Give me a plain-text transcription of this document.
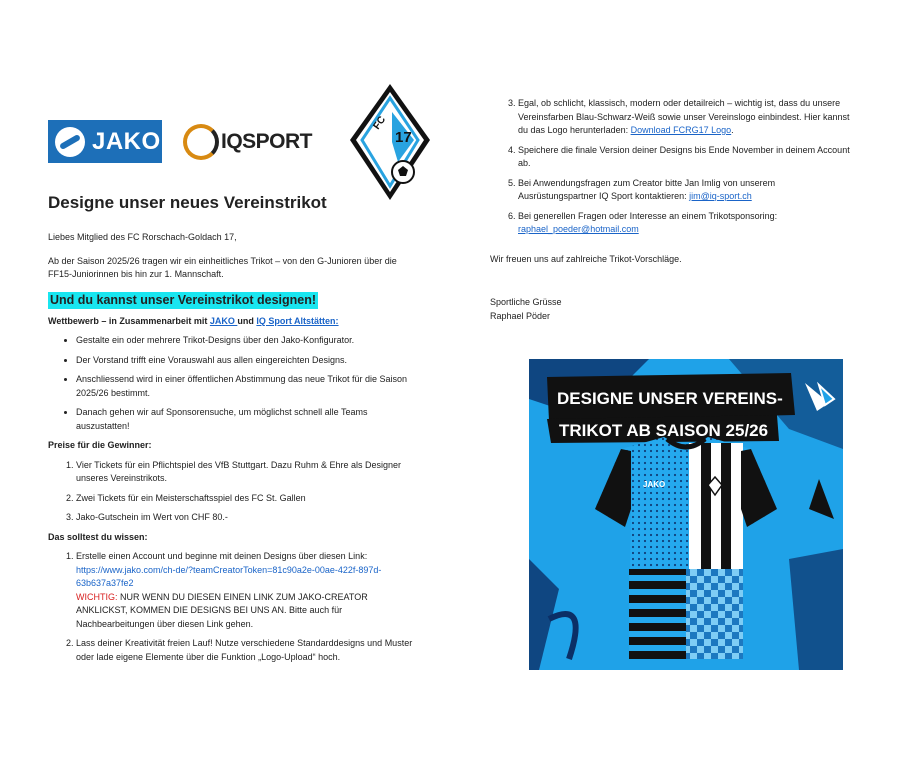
JAKO	IQSPORT
FC
17
Designe unser neues Vereinstrikot

Liebes Mitglied des FC Rorschach-Goldach 17,

Ab der Saison 2025/26 tragen wir ein einheitliches Trikot – von den G-Junioren über die FF15-Juniorinnen bis hin zur 1. Mannschaft.

Und du kannst unser Vereinstrikot designen!
Wettbewerb – in Zusammenarbeit mit JAKO und IQ Sport Altstätten:
• Gestalte ein oder mehrere Trikot-Designs über den Jako-Konfigurator.
• Der Vorstand trifft eine Vorauswahl aus allen eingereichten Designs.
• Anschliessend wird in einer öffentlichen Abstimmung das neue Trikot für die Saison 2025/26 bestimmt.
• Danach gehen wir auf Sponsorensuche, um möglichst schnell alle Teams auszustatten!
Preise für die Gewinner:
1. Vier Tickets für ein Pflichtspiel des VfB Stuttgart. Dazu Ruhm & Ehre als Designer unseres Vereinstrikots.
2. Zwei Tickets für ein Meisterschaftsspiel des FC St. Gallen
3. Jako-Gutschein im Wert von CHF 80.-
Das solltest du wissen:
1. Erstelle einen Account und beginne mit deinen Designs über diesen Link: https://www.jako.com/ch-de/?teamCreatorToken=81c90a2e-00ae-422f-897d-63b637a37fe2
WICHTIG: NUR WENN DU DIESEN EINEN LINK ZUM JAKO-CREATOR ANKLICKST, KOMMEN DIE DESIGNS BEI UNS AN. Bitte auch für Nachbearbeitungen über diesen Link gehen.
2. Lass deiner Kreativität freien Lauf! Nutze verschiedene Standarddesigns und Muster oder lade eigene Elemente über die Funktion „Logo-Upload“ hoch.
3. Egal, ob schlicht, klassisch, modern oder detailreich – wichtig ist, dass du unsere Vereinsfarben Blau-Schwarz-Weiß sowie unser Vereinslogo einbindest. Hier kannst du das Logo herunterladen: Download FCRG17 Logo.
4. Speichere die finale Version deiner Designs bis Ende November in deinem Account ab.
5. Bei Anwendungsfragen zum Creator bitte Jan Imlig von unserem Ausrüstungspartner IQ Sport kontaktieren: jim@iq-sport.ch
6. Bei generellen Fragen oder Interesse an einem Trikotsponsoring: raphael_poeder@hotmail.com

Wir freuen uns auf zahlreiche Trikot-Vorschläge.

Sportliche Grüsse
Raphael Pöder
DESIGNE UNSER VEREINS-
TRIKOT AB SAISON 25/26
JAKO
